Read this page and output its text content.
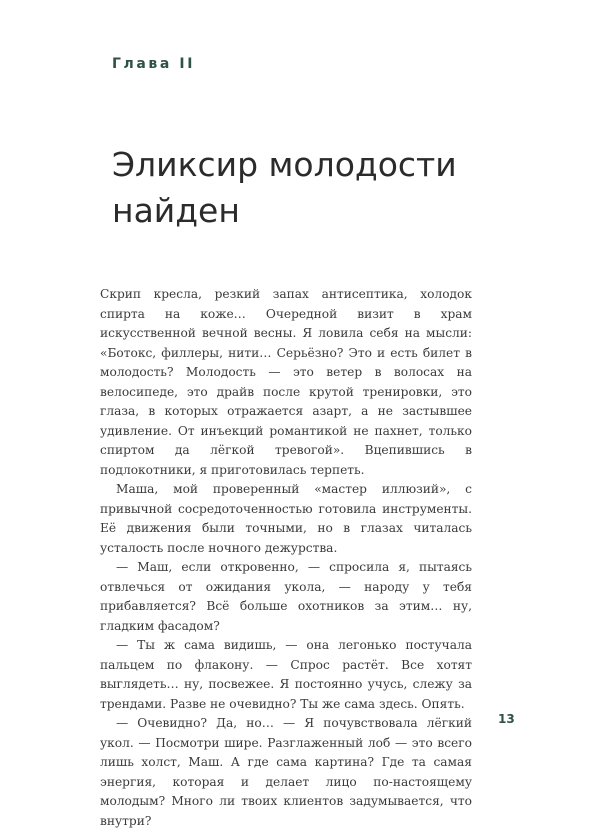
Глава II
Эликсир молодости
найден

Скрип кресла, резкий запах антисептика, холодок спирта на коже… Очередной визит в храм искусственной вечной весны. Я ловила себя на мысли: «Ботокс, филлеры, нити… Серьёзно? Это и есть билет в молодость? Молодость — это ветер в волосах на велосипеде, это драйв после крутой тренировки, это глаза, в которых отражается азарт, а не застывшее удивление. От инъекций романтикой не пахнет, только спиртом да лёгкой тревогой». Вцепившись в подлокотники, я приготовилась терпеть.

Маша, мой проверенный «мастер иллюзий», с привычной сосредоточенностью готовила инструменты. Её движения были точными, но в глазах читалась усталость после ночного дежурства.

— Маш, если откровенно, — спросила я, пытаясь отвлечься от ожидания укола, — народу у тебя прибавляется? Всё больше охотников за этим… ну, гладким фасадом?

— Ты ж сама видишь, — она легонько постучала пальцем по флакону. — Спрос растёт. Все хотят выглядеть… ну, посвежее. Я постоянно учусь, слежу за трендами. Разве не очевидно? Ты же сама здесь. Опять.

— Очевидно? Да, но… — Я почувствовала лёгкий укол. — Посмотри шире. Разглаженный лоб — это всего лишь холст, Маш. А где сама картина? Где та самая энергия, которая и делает лицо по-настоящему молодым? Много ли твоих клиентов задумывается, что внутри?

13
